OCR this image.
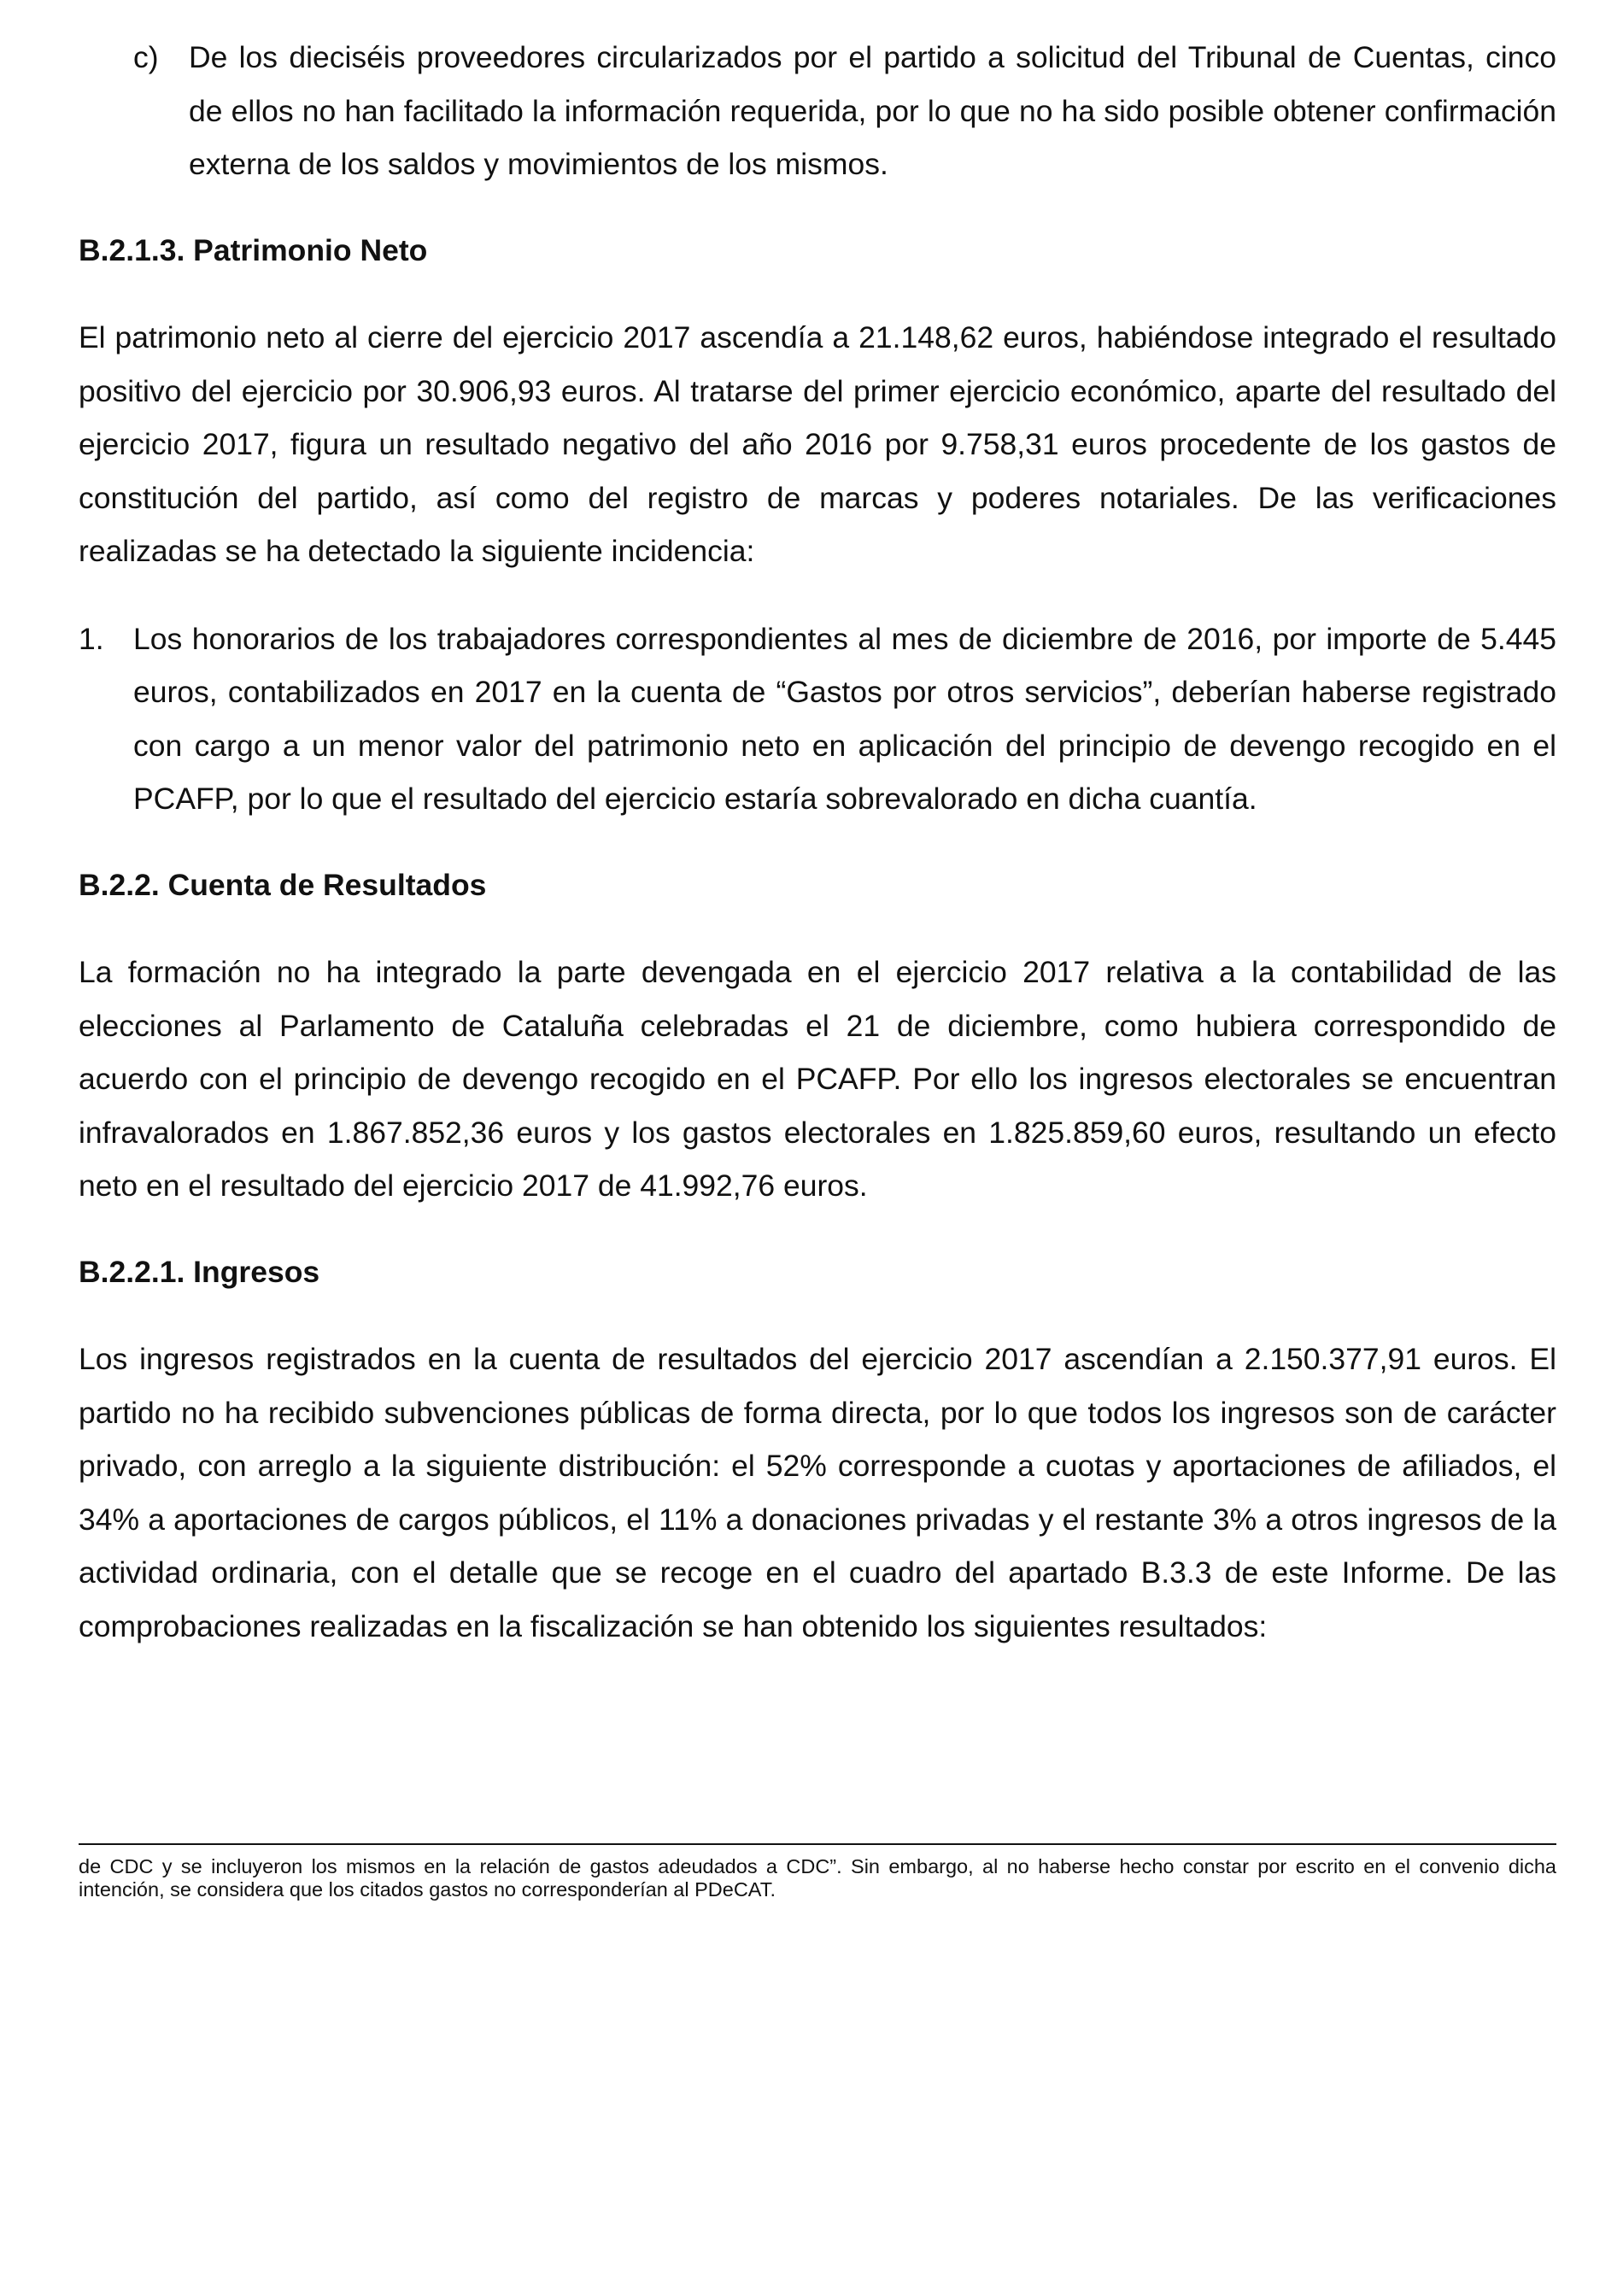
c) De los dieciséis proveedores circularizados por el partido a solicitud del Tribunal de Cuentas, cinco de ellos no han facilitado la información requerida, por lo que no ha sido posible obtener confirmación externa de los saldos y movimientos de los mismos.
B.2.1.3. Patrimonio Neto

El patrimonio neto al cierre del ejercicio 2017 ascendía a 21.148,62 euros, habiéndose integrado el resultado positivo del ejercicio por 30.906,93 euros. Al tratarse del primer ejercicio económico, aparte del resultado del ejercicio 2017, figura un resultado negativo del año 2016 por 9.758,31 euros procedente de los gastos de constitución del partido, así como del registro de marcas y poderes notariales. De las verificaciones realizadas se ha detectado la siguiente incidencia:

1. Los honorarios de los trabajadores correspondientes al mes de diciembre de 2016, por importe de 5.445 euros, contabilizados en 2017 en la cuenta de “Gastos por otros servicios”, deberían haberse registrado con cargo a un menor valor del patrimonio neto en aplicación del principio de devengo recogido en el PCAFP, por lo que el resultado del ejercicio estaría sobrevalorado en dicha cuantía.
B.2.2. Cuenta de Resultados

La formación no ha integrado la parte devengada en el ejercicio 2017 relativa a la contabilidad de las elecciones al Parlamento de Cataluña celebradas el 21 de diciembre, como hubiera correspondido de acuerdo con el principio de devengo recogido en el PCAFP. Por ello los ingresos electorales se encuentran infravalorados en 1.867.852,36 euros y los gastos electorales en 1.825.859,60 euros, resultando un efecto neto en el resultado del ejercicio 2017 de 41.992,76 euros.

B.2.2.1. Ingresos

Los ingresos registrados en la cuenta de resultados del ejercicio 2017 ascendían a 2.150.377,91 euros. El partido no ha recibido subvenciones públicas de forma directa, por lo que todos los ingresos son de carácter privado, con arreglo a la siguiente distribución: el 52% corresponde a cuotas y aportaciones de afiliados, el 34% a aportaciones de cargos públicos, el 11% a donaciones privadas y el restante 3% a otros ingresos de la actividad ordinaria, con el detalle que se recoge en el cuadro del apartado B.3.3 de este Informe. De las comprobaciones realizadas en la fiscalización se han obtenido los siguientes resultados:

de CDC y se incluyeron los mismos en la relación de gastos adeudados a CDC”. Sin embargo, al no haberse hecho constar por escrito en el convenio dicha intención, se considera que los citados gastos no corresponderían al PDeCAT.
